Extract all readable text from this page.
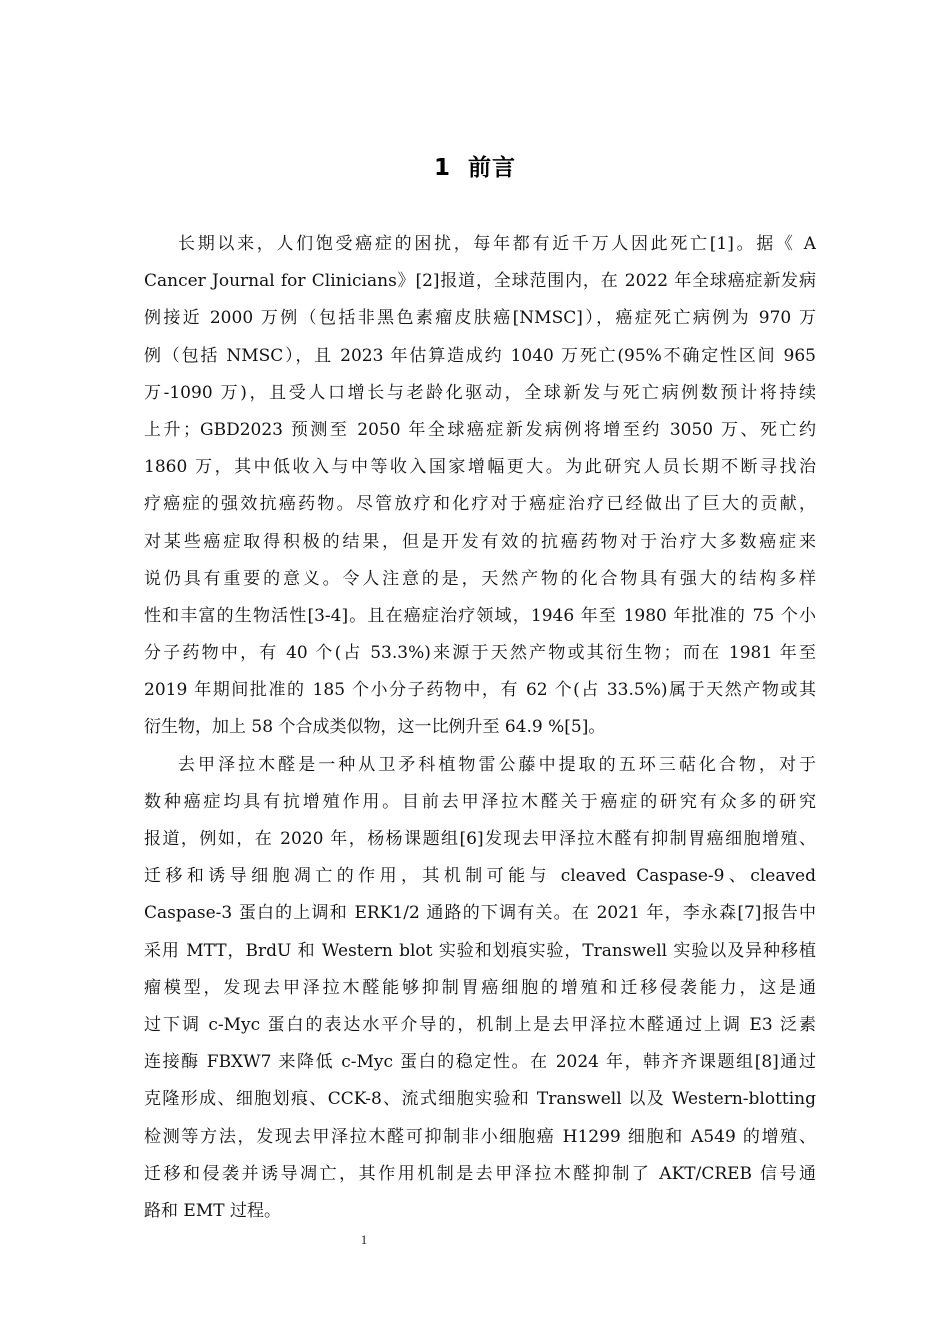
1 前言
长期以来，人们饱受癌症的困扰，每年都有近千万人因此死亡[1]。据《 A
Cancer Journal for Clinicians》[2]报道，全球范围内，在 2022 年全球癌症新发病
例接近 2000 万例（包括非黑色素瘤皮肤癌[NMSC]），癌症死亡病例为 970 万
例（包括 NMSC），且 2023 年估算造成约 1040 万死亡(95%不确定性区间 965
万-1090 万)，且受人口增长与老龄化驱动，全球新发与死亡病例数预计将持续
上升；GBD2023 预测至 2050 年全球癌症新发病例将增至约 3050 万、死亡约
1860 万，其中低收入与中等收入国家增幅更大。为此研究人员长期不断寻找治
疗癌症的强效抗癌药物。尽管放疗和化疗对于癌症治疗已经做出了巨大的贡献，
对某些癌症取得积极的结果，但是开发有效的抗癌药物对于治疗大多数癌症来
说仍具有重要的意义。令人注意的是，天然产物的化合物具有强大的结构多样
性和丰富的生物活性[3-4]。且在癌症治疗领域，1946 年至 1980 年批准的 75 个小
分子药物中，有 40 个(占 53.3%)来源于天然产物或其衍生物；而在 1981 年至
2019 年期间批准的 185 个小分子药物中，有 62 个(占 33.5%)属于天然产物或其
衍生物，加上 58 个合成类似物，这一比例升至 64.9 %[5]。
去甲泽拉木醛是一种从卫矛科植物雷公藤中提取的五环三萜化合物，对于
数种癌症均具有抗增殖作用。目前去甲泽拉木醛关于癌症的研究有众多的研究
报道，例如，在 2020 年，杨杨课题组[6]发现去甲泽拉木醛有抑制胃癌细胞增殖、
迁移和诱导细胞凋亡的作用，其机制可能与 cleaved Caspase-9、cleaved
Caspase-3 蛋白的上调和 ERK1/2 通路的下调有关。在 2021 年，李永森[7]报告中
采用 MTT，BrdU 和 Western blot 实验和划痕实验，Transwell 实验以及异种移植
瘤模型，发现去甲泽拉木醛能够抑制胃癌细胞的增殖和迁移侵袭能力，这是通
过下调 c-Myc 蛋白的表达水平介导的，机制上是去甲泽拉木醛通过上调 E3 泛素
连接酶 FBXW7 来降低 c-Myc 蛋白的稳定性。在 2024 年，韩齐齐课题组[8]通过
克隆形成、细胞划痕、CCK-8、流式细胞实验和 Transwell 以及 Western-blotting
检测等方法，发现去甲泽拉木醛可抑制非小细胞癌 H1299 细胞和 A549 的增殖、
迁移和侵袭并诱导凋亡，其作用机制是去甲泽拉木醛抑制了 AKT/CREB 信号通
路和 EMT 过程。
1
